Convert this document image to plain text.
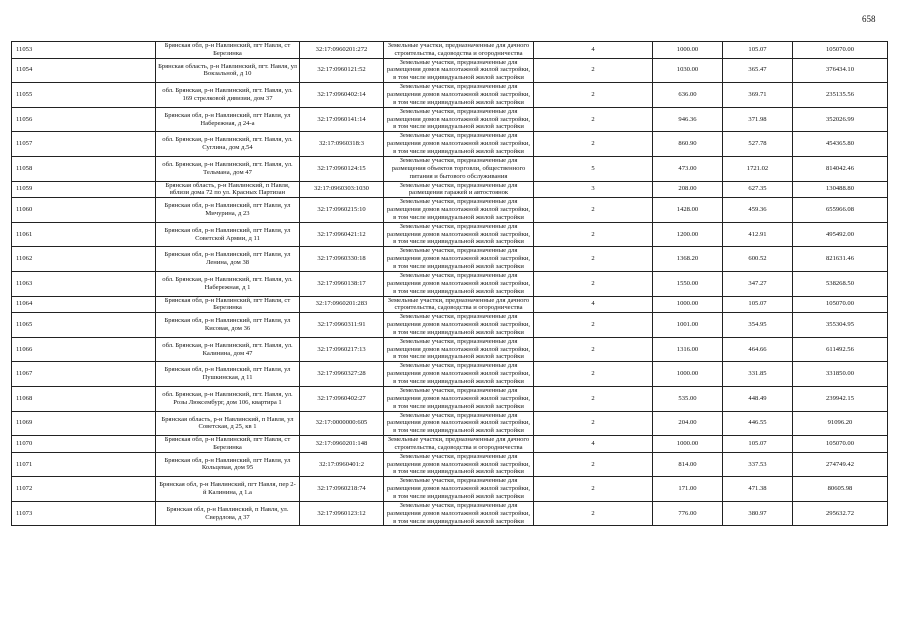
658
11053	Брянская обл, р-н Навлинский, пгт Навля, ст Березинка	32:17:0960201:272	Земельные участки, предназначенные для дачного строительства, садоводства и огородничества	4	1000.00	105.07	105070.00
11054	Брянская область, р-н Навлинский, пгт. Навля, ул Вокзальной, д 10	32:17:0960121:52	Земельные участки, предназначенные для размещения домов малоэтажной жилой застройки, в том числе индивидуальной жилой застройки	2	1030.00	365.47	376434.10
11055	обл. Брянская, р-н Навлинский, пгт. Навля, ул. 169 стрелковой дивизии, дом 37	32:17:0960402:14	Земельные участки, предназначенные для размещения домов малоэтажной жилой застройки, в том числе индивидуальной жилой застройки	2	636.00	369.71	235135.56
11056	Брянская обл, р-н Навлинский, пгт Навля, ул Набережная, д 24-а	32:17:0960141:14	Земельные участки, предназначенные для размещения домов малоэтажной жилой застройки, в том числе индивидуальной жилой застройки	2	946.36	371.98	352026.99
11057	обл. Брянская, р-н Навлинский, пгт. Навля, ул. Суглина, дом д.54	32:17:0960318:3	Земельные участки, предназначенные для размещения домов малоэтажной жилой застройки, в том числе индивидуальной жилой застройки	2	860.90	527.78	454365.80
11058	обл. Брянская, р-н Навлинский, пгт. Навля, ул. Тельмана, дом 47	32:17:0960124:15	Земельные участки, предназначенные для размещения объектов торговли, общественного питания и бытового обслуживания	5	473.00	1721.02	814042.46
11059	Брянская область, р-н Навлинский, п Навля, вблизи дома 72 по ул. Красных Партизан	32:17:0960303:1030	Земельные участки, предназначенные для размещения гаражей и автостоянок	3	208.00	627.35	130488.80
11060	Брянская обл, р-н Навлинский, пгт Навля, ул Мичурина, д 23	32:17:0960215:10	Земельные участки, предназначенные для размещения домов малоэтажной жилой застройки, в том числе индивидуальной жилой застройки	2	1428.00	459.36	655966.08
11061	Брянская обл, р-н Навлинский, пгт Навля, ул Советской Армии, д 11	32:17:0960421:12	Земельные участки, предназначенные для размещения домов малоэтажной жилой застройки, в том числе индивидуальной жилой застройки	2	1200.00	412.91	495492.00
11062	Брянская обл, р-н Навлинский, пгт Навля, ул Ленина, дом 38	32:17:0960330:18	Земельные участки, предназначенные для размещения домов малоэтажной жилой застройки, в том числе индивидуальной жилой застройки	2	1368.20	600.52	821631.46
11063	обл. Брянская, р-н Навлинский, пгт. Навля, ул. Набережная, д 1	32:17:0960138:17	Земельные участки, предназначенные для размещения домов малоэтажной жилой застройки, в том числе индивидуальной жилой застройки	2	1550.00	347.27	538268.50
11064	Брянская обл, р-н Навлинский, пгт Навля, ст Березинка	32:17:0960201:283	Земельные участки, предназначенные для дачного строительства, садоводства и огородничества	4	1000.00	105.07	105070.00
11065	Брянская обл, р-н Навлинский, пгт Навля, ул Кисовая, дом 36	32:17:0960311:91	Земельные участки, предназначенные для размещения домов малоэтажной жилой застройки, в том числе индивидуальной жилой застройки	2	1001.00	354.95	355304.95
11066	обл. Брянская, р-н Навлинский, пгт. Навля, ул. Калинина, дом 47	32:17:0960217:13	Земельные участки, предназначенные для размещения домов малоэтажной жилой застройки, в том числе индивидуальной жилой застройки	2	1316.00	464.66	611492.56
11067	Брянская обл, р-н Навлинский, пгт Навля, ул Пушкинская, д 11	32:17:0960327:28	Земельные участки, предназначенные для размещения домов малоэтажной жилой застройки, в том числе индивидуальной жилой застройки	2	1000.00	331.85	331850.00
11068	обл. Брянская, р-н Навлинский, пгт. Навля, ул. Розы Люксембург, дом 106, квартира 1	32:17:0960402:27	Земельные участки, предназначенные для размещения домов малоэтажной жилой застройки, в том числе индивидуальной жилой застройки	2	535.00	448.49	239942.15
11069	Брянская область, р-н Навлинский, п Навля, ул Советская, д 25, кв 1	32:17:0000000:605	Земельные участки, предназначенные для размещения домов малоэтажной жилой застройки, в том числе индивидуальной жилой застройки	2	204.00	446.55	91096.20
11070	Брянская обл, р-н Навлинский, пгт Навля, ст Березинка	32:17:0960201:148	Земельные участки, предназначенные для дачного строительства, садоводства и огородничества	4	1000.00	105.07	105070.00
11071	Брянская обл, р-н Навлинский, пгт Навля, ул Кольцевая, дом 95	32:17:0960401:2	Земельные участки, предназначенные для размещения домов малоэтажной жилой застройки, в том числе индивидуальной жилой застройки	2	814.00	337.53	274749.42
11072	Брянская обл, р-н Навлинский, пгт Навля, пер 2-й Калинина, д 1.а	32:17:0960218:74	Земельные участки, предназначенные для размещения домов малоэтажной жилой застройки, в том числе индивидуальной жилой застройки	2	171.00	471.38	80605.98
11073	Брянская обл, р-н Навлинский, п Навля, ул. Свердлова, д 37	32:17:0960123:12	Земельные участки, предназначенные для размещения домов малоэтажной жилой застройки, в том числе индивидуальной жилой застройки	2	776.00	380.97	295632.72
